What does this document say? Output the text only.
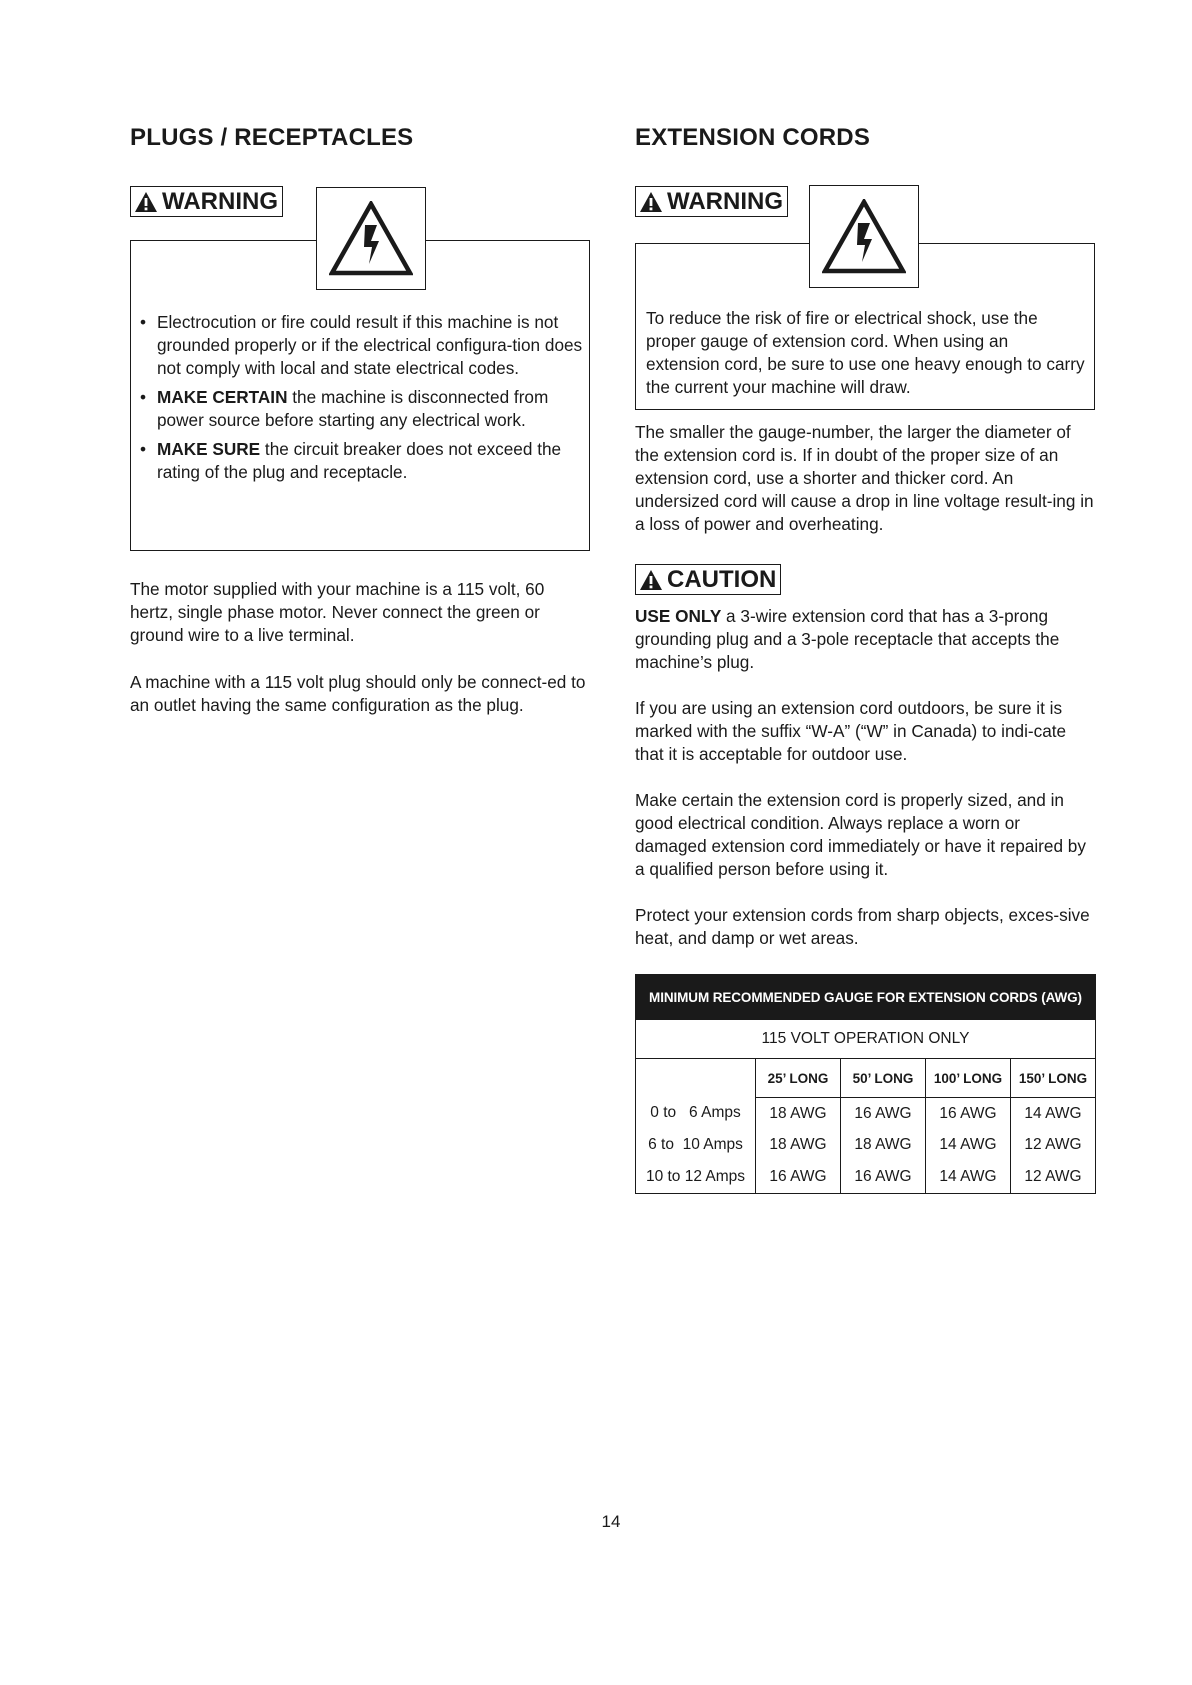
PLUGS / RECEPTACLES
WARNING
• Electrocution or fire could result if this machine is not grounded properly or if the electrical configura-tion does not comply with local and state electrical codes.
• MAKE CERTAIN the machine is disconnected from power source before starting any electrical work.
• MAKE SURE the circuit breaker does not exceed the rating of the plug and receptacle.

The motor supplied with your machine is a 115 volt, 60 hertz, single phase motor. Never connect the green or ground wire to a live terminal.

A machine with a 115 volt plug should only be connect-ed to an outlet having the same configuration as the plug.

EXTENSION CORDS
WARNING

To reduce the risk of fire or electrical shock, use the proper gauge of extension cord. When using an extension cord, be sure to use one heavy enough to carry the current your machine will draw.

The smaller the gauge-number, the larger the diameter of the extension cord is. If in doubt of the proper size of an extension cord, use a shorter and thicker cord. An undersized cord will cause a drop in line voltage result-ing in a loss of power and overheating.

CAUTION

USE ONLY a 3-wire extension cord that has a 3-prong grounding plug and a 3-pole receptacle that accepts the machine’s plug.

If you are using an extension cord outdoors, be sure it is marked with the suffix “W-A” (“W” in Canada) to indi-cate that it is acceptable for outdoor use.

Make certain the extension cord is properly sized, and in good electrical condition. Always replace a worn or damaged extension cord immediately or have it repaired by a qualified person before using it.

Protect your extension cords from sharp objects, exces-sive heat, and damp or wet areas.

MINIMUM RECOMMENDED GAUGE FOR EXTENSION CORDS (AWG)				
115 VOLT OPERATION ONLY				
	25’ LONG	50’ LONG	100’ LONG	150’ LONG
0 to   6 Amps	18 AWG	16 AWG	16 AWG	14 AWG
6 to  10 Amps	18 AWG	18 AWG	14 AWG	12 AWG
10 to 12 Amps	16 AWG	16 AWG	14 AWG	12 AWG
14
